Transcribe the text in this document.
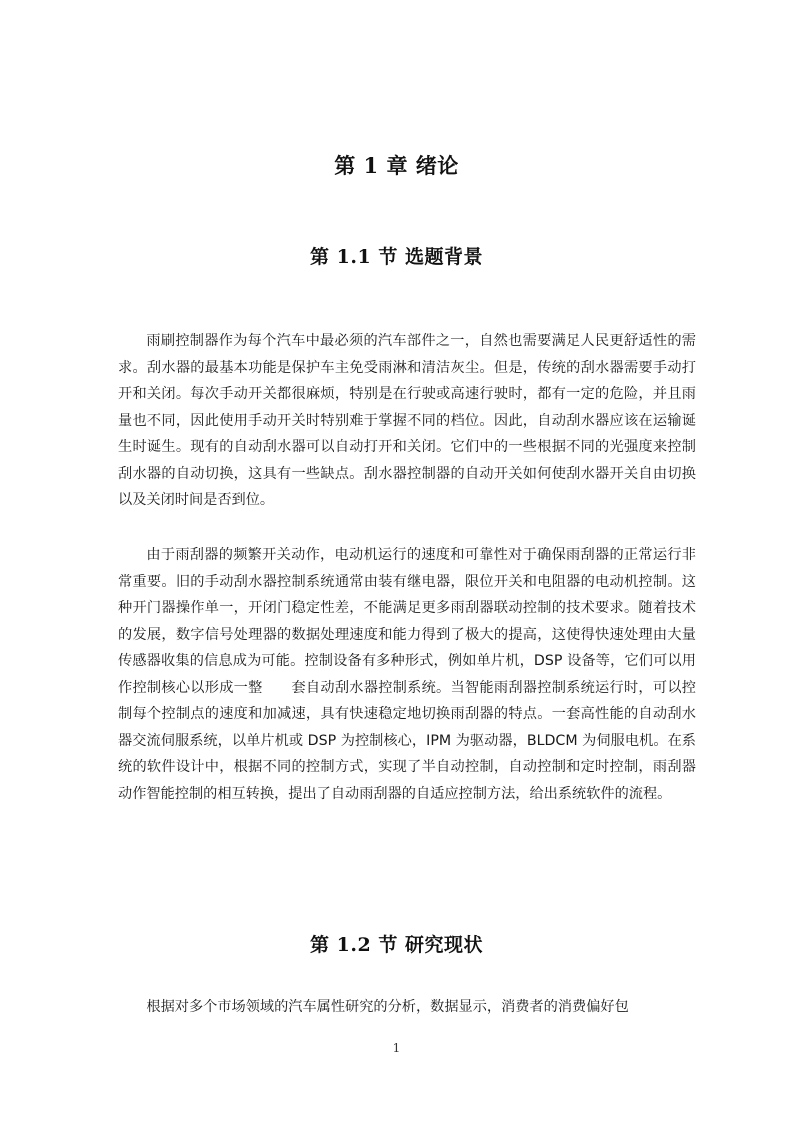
第 1 章 绪论
第 1.1 节 选题背景

雨刷控制器作为每个汽车中最必须的汽车部件之一，自然也需要满足人民更舒适性的需求。刮水器的最基本功能是保护车主免受雨淋和清洁灰尘。但是，传统的刮水器需要手动打开和关闭。每次手动开关都很麻烦，特别是在行驶或高速行驶时，都有一定的危险，并且雨量也不同，因此使用手动开关时特别难于掌握不同的档位。因此，自动刮水器应该在运输诞生时诞生。现有的自动刮水器可以自动打开和关闭。它们中的一些根据不同的光强度来控制刮水器的自动切换，这具有一些缺点。刮水器控制器的自动开关如何使刮水器开关自由切换以及关闭时间是否到位。

由于雨刮器的频繁开关动作，电动机运行的速度和可靠性对于确保雨刮器的正常运行非常重要。旧的手动刮水器控制系统通常由装有继电器，限位开关和电阻器的电动机控制。这种开门器操作单一，开闭门稳定性差，不能满足更多雨刮器联动控制的技术要求。随着技术的发展，数字信号处理器的数据处理速度和能力得到了极大的提高，这使得快速处理由大量传感器收集的信息成为可能。控制设备有多种形式，例如单片机，DSP 设备等，它们可以用作控制核心以形成一整　　套自动刮水器控制系统。当智能雨刮器控制系统运行时，可以控制每个控制点的速度和加减速，具有快速稳定地切换雨刮器的特点。一套高性能的自动刮水器交流伺服系统，以单片机或 DSP 为控制核心，IPM 为驱动器，BLDCM 为伺服电机。在系统的软件设计中，根据不同的控制方式，实现了半自动控制，自动控制和定时控制，雨刮器动作智能控制的相互转换，提出了自动雨刮器的自适应控制方法，给出系统软件的流程。

第 1.2 节 研究现状

根据对多个市场领域的汽车属性研究的分析，数据显示，消费者的消费偏好包

1
